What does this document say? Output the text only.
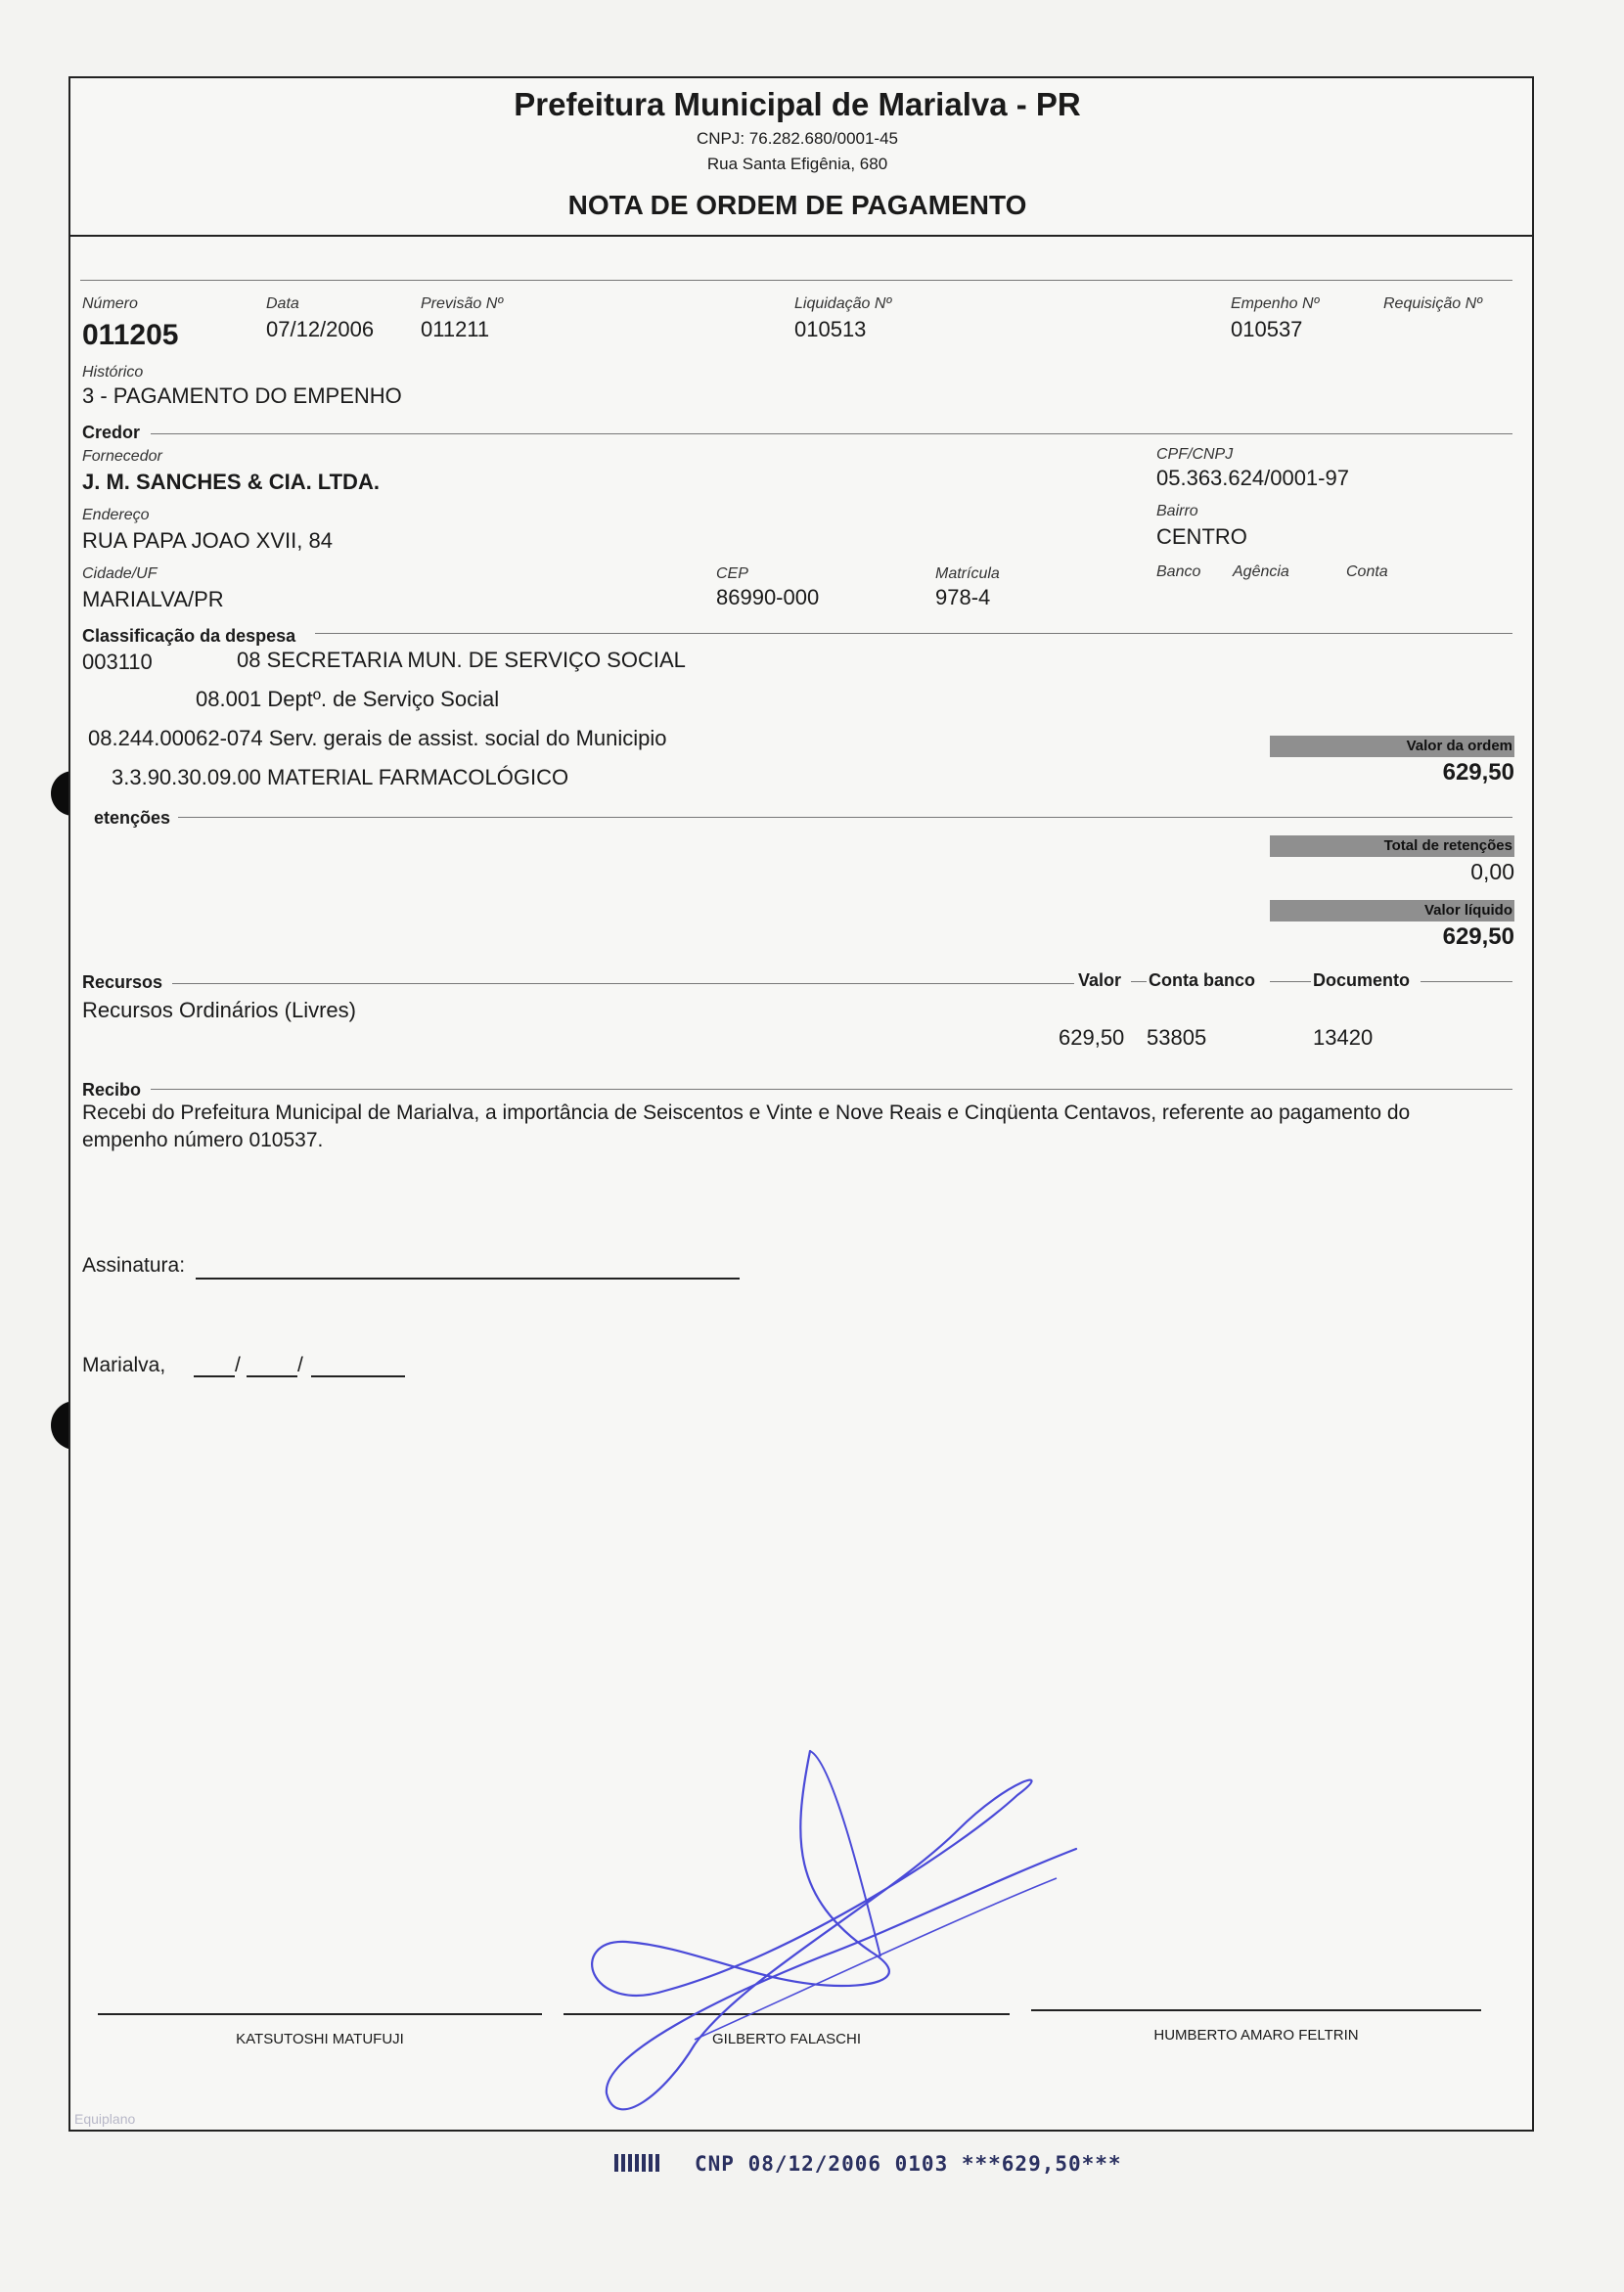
Prefeitura Municipal de Marialva - PR
CNPJ: 76.282.680/0001-45
Rua Santa Efigênia, 680
NOTA DE ORDEM DE PAGAMENTO
Número
011205
Data
07/12/2006
Previsão Nº
011211
Liquidação Nº
010513
Empenho Nº
010537
Requisição Nº
Histórico
3 - PAGAMENTO DO EMPENHO
Credor
Fornecedor
J. M. SANCHES & CIA. LTDA.
CPF/CNPJ
05.363.624/0001-97
Endereço
RUA PAPA JOAO XVII, 84
Bairro
CENTRO
Cidade/UF
MARIALVA/PR
CEP
86990-000
Matrícula
978-4
Banco Agência	Conta
Classificação da despesa
003110	08 SECRETARIA MUN. DE SERVIÇO SOCIAL
08.001 Deptº. de Serviço Social
08.244.00062-074 Serv. gerais de assist. social do Municipio
3.3.90.30.09.00 MATERIAL FARMACOLÓGICO
Valor da ordem
629,50
etenções
Total de retenções
0,00
Valor líquido
629,50
Recursos	Valor Conta banco	Documento
Recursos Ordinários (Livres)
629,50 53805	13420
Recibo
Recebi do Prefeitura Municipal de Marialva, a importância de Seiscentos e Vinte e Nove Reais e Cinqüenta Centavos, referente ao pagamento do
empenho número 010537.
Assinatura:
Marialva,	/	/
KATSUTOSHI MATUFUJI	GILBERTO FALASCHI	HUMBERTO AMARO FELTRIN
Equiplano
CNP 08/12/2006 0103 ***629,50***
